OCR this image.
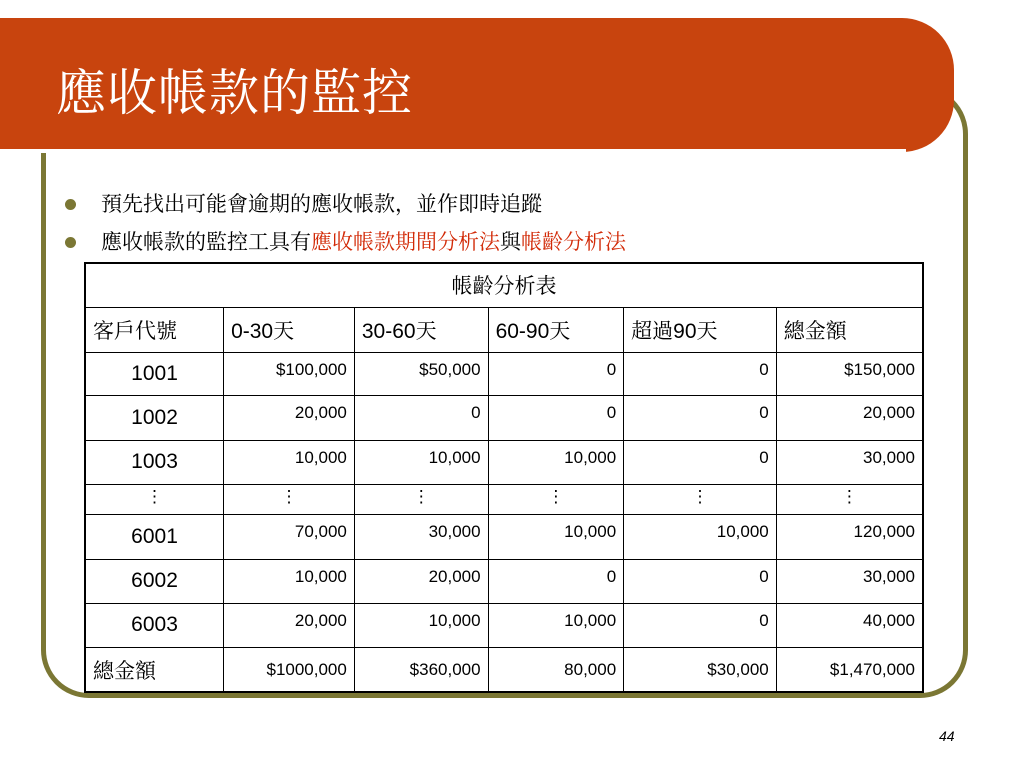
應收帳款的監控
預先找出可能會逾期的應收帳款，並作即時追蹤
應收帳款的監控工具有應收帳款期間分析法與帳齡分析法
帳齡分析表					
客戶代號	0-30天	30-60天	60-90天	超過90天	總金額
1001	$100,000	$50,000	0	0	$150,000
1002	20,000	0	0	0	20,000
1003	10,000	10,000	10,000	0	30,000
⋮	⋮	⋮	⋮	⋮	⋮
6001	70,000	30,000	10,000	10,000	120,000
6002	10,000	20,000	0	0	30,000
6003	20,000	10,000	10,000	0	40,000
總金額	$1000,000	$360,000	80,000	$30,000	$1,470,000
44
